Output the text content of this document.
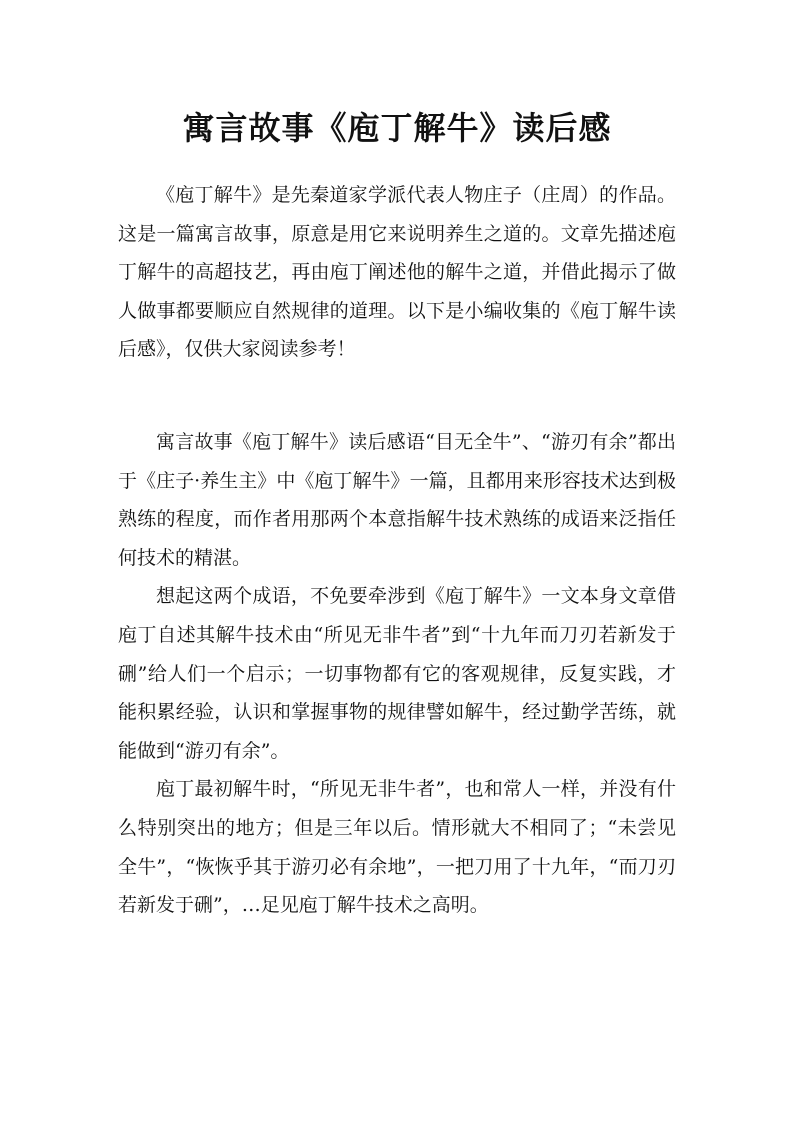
寓言故事《庖丁解牛》读后感

《庖丁解牛》是先秦道家学派代表人物庄子（庄周）的作品。这是一篇寓言故事，原意是用它来说明养生之道的。文章先描述庖丁解牛的高超技艺，再由庖丁阐述他的解牛之道，并借此揭示了做人做事都要顺应自然规律的道理。以下是小编收集的《庖丁解牛读后感》，仅供大家阅读参考！

寓言故事《庖丁解牛》读后感语“目无全牛”、“游刃有余”都出于《庄子·养生主》中《庖丁解牛》一篇，且都用来形容技术达到极熟练的程度，而作者用那两个本意指解牛技术熟练的成语来泛指任何技术的精湛。

想起这两个成语，不免要牵涉到《庖丁解牛》一文本身文章借庖丁自述其解牛技术由“所见无非牛者”到“十九年而刀刃若新发于硎”给人们一个启示；一切事物都有它的客观规律，反复实践，才能积累经验，认识和掌握事物的规律譬如解牛，经过勤学苦练，就能做到“游刃有余”。

庖丁最初解牛时，“所见无非牛者”，也和常人一样，并没有什么特别突出的地方；但是三年以后。情形就大不相同了；“未尝见全牛”，“恢恢乎其于游刃必有余地”，一把刀用了十九年，“而刀刃若新发于硎”，…足见庖丁解牛技术之高明。
